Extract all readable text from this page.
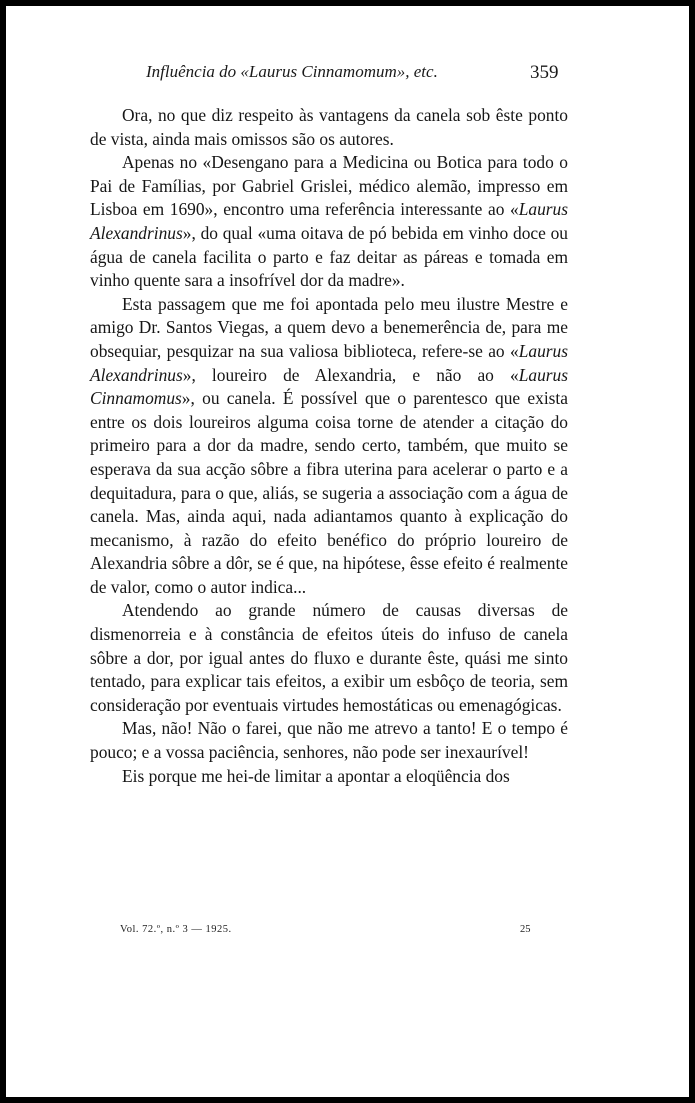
Influência do «Laurus Cinnamomum», etc.	359

Ora, no que diz respeito às vantagens da canela sob êste ponto de vista, ainda mais omissos são os autores.

Apenas no «Desengano para a Medicina ou Botica para todo o Pai de Famílias, por Gabriel Grislei, médico alemão, impresso em Lisboa em 1690», encontro uma referência interessante ao «Laurus Alexandrinus», do qual «uma oitava de pó bebida em vinho doce ou água de canela facilita o parto e faz deitar as páreas e tomada em vinho quente sara a insofrível dor da madre».

Esta passagem que me foi apontada pelo meu ilustre Mestre e amigo Dr. Santos Viegas, a quem devo a benemerência de, para me obsequiar, pesquizar na sua valiosa biblioteca, refere-se ao «Laurus Alexandrinus», loureiro de Alexandria, e não ao «Laurus Cinnamomus», ou canela. É possível que o parentesco que exista entre os dois loureiros alguma coisa torne de atender a citação do primeiro para a dor da madre, sendo certo, também, que muito se esperava da sua acção sôbre a fibra uterina para acelerar o parto e a dequitadura, para o que, aliás, se sugeria a associação com a água de canela. Mas, ainda aqui, nada adiantamos quanto à explicação do mecanismo, à razão do efeito benéfico do próprio loureiro de Alexandria sôbre a dôr, se é que, na hipótese, êsse efeito é realmente de valor, como o autor indica...

Atendendo ao grande número de causas diversas de dismenorreia e à constância de efeitos úteis do infuso de canela sôbre a dor, por igual antes do fluxo e durante êste, quási me sinto tentado, para explicar tais efeitos, a exibir um esbôço de teoria, sem consideração por eventuais virtudes hemostáticas ou emenagógicas.

Mas, não! Não o farei, que não me atrevo a tanto! E o tempo é pouco; e a vossa paciência, senhores, não pode ser inexaurível!

Eis porque me hei-de limitar a apontar a eloqüência dos

Vol. 72.º, n.º 3 — 1925.	25
